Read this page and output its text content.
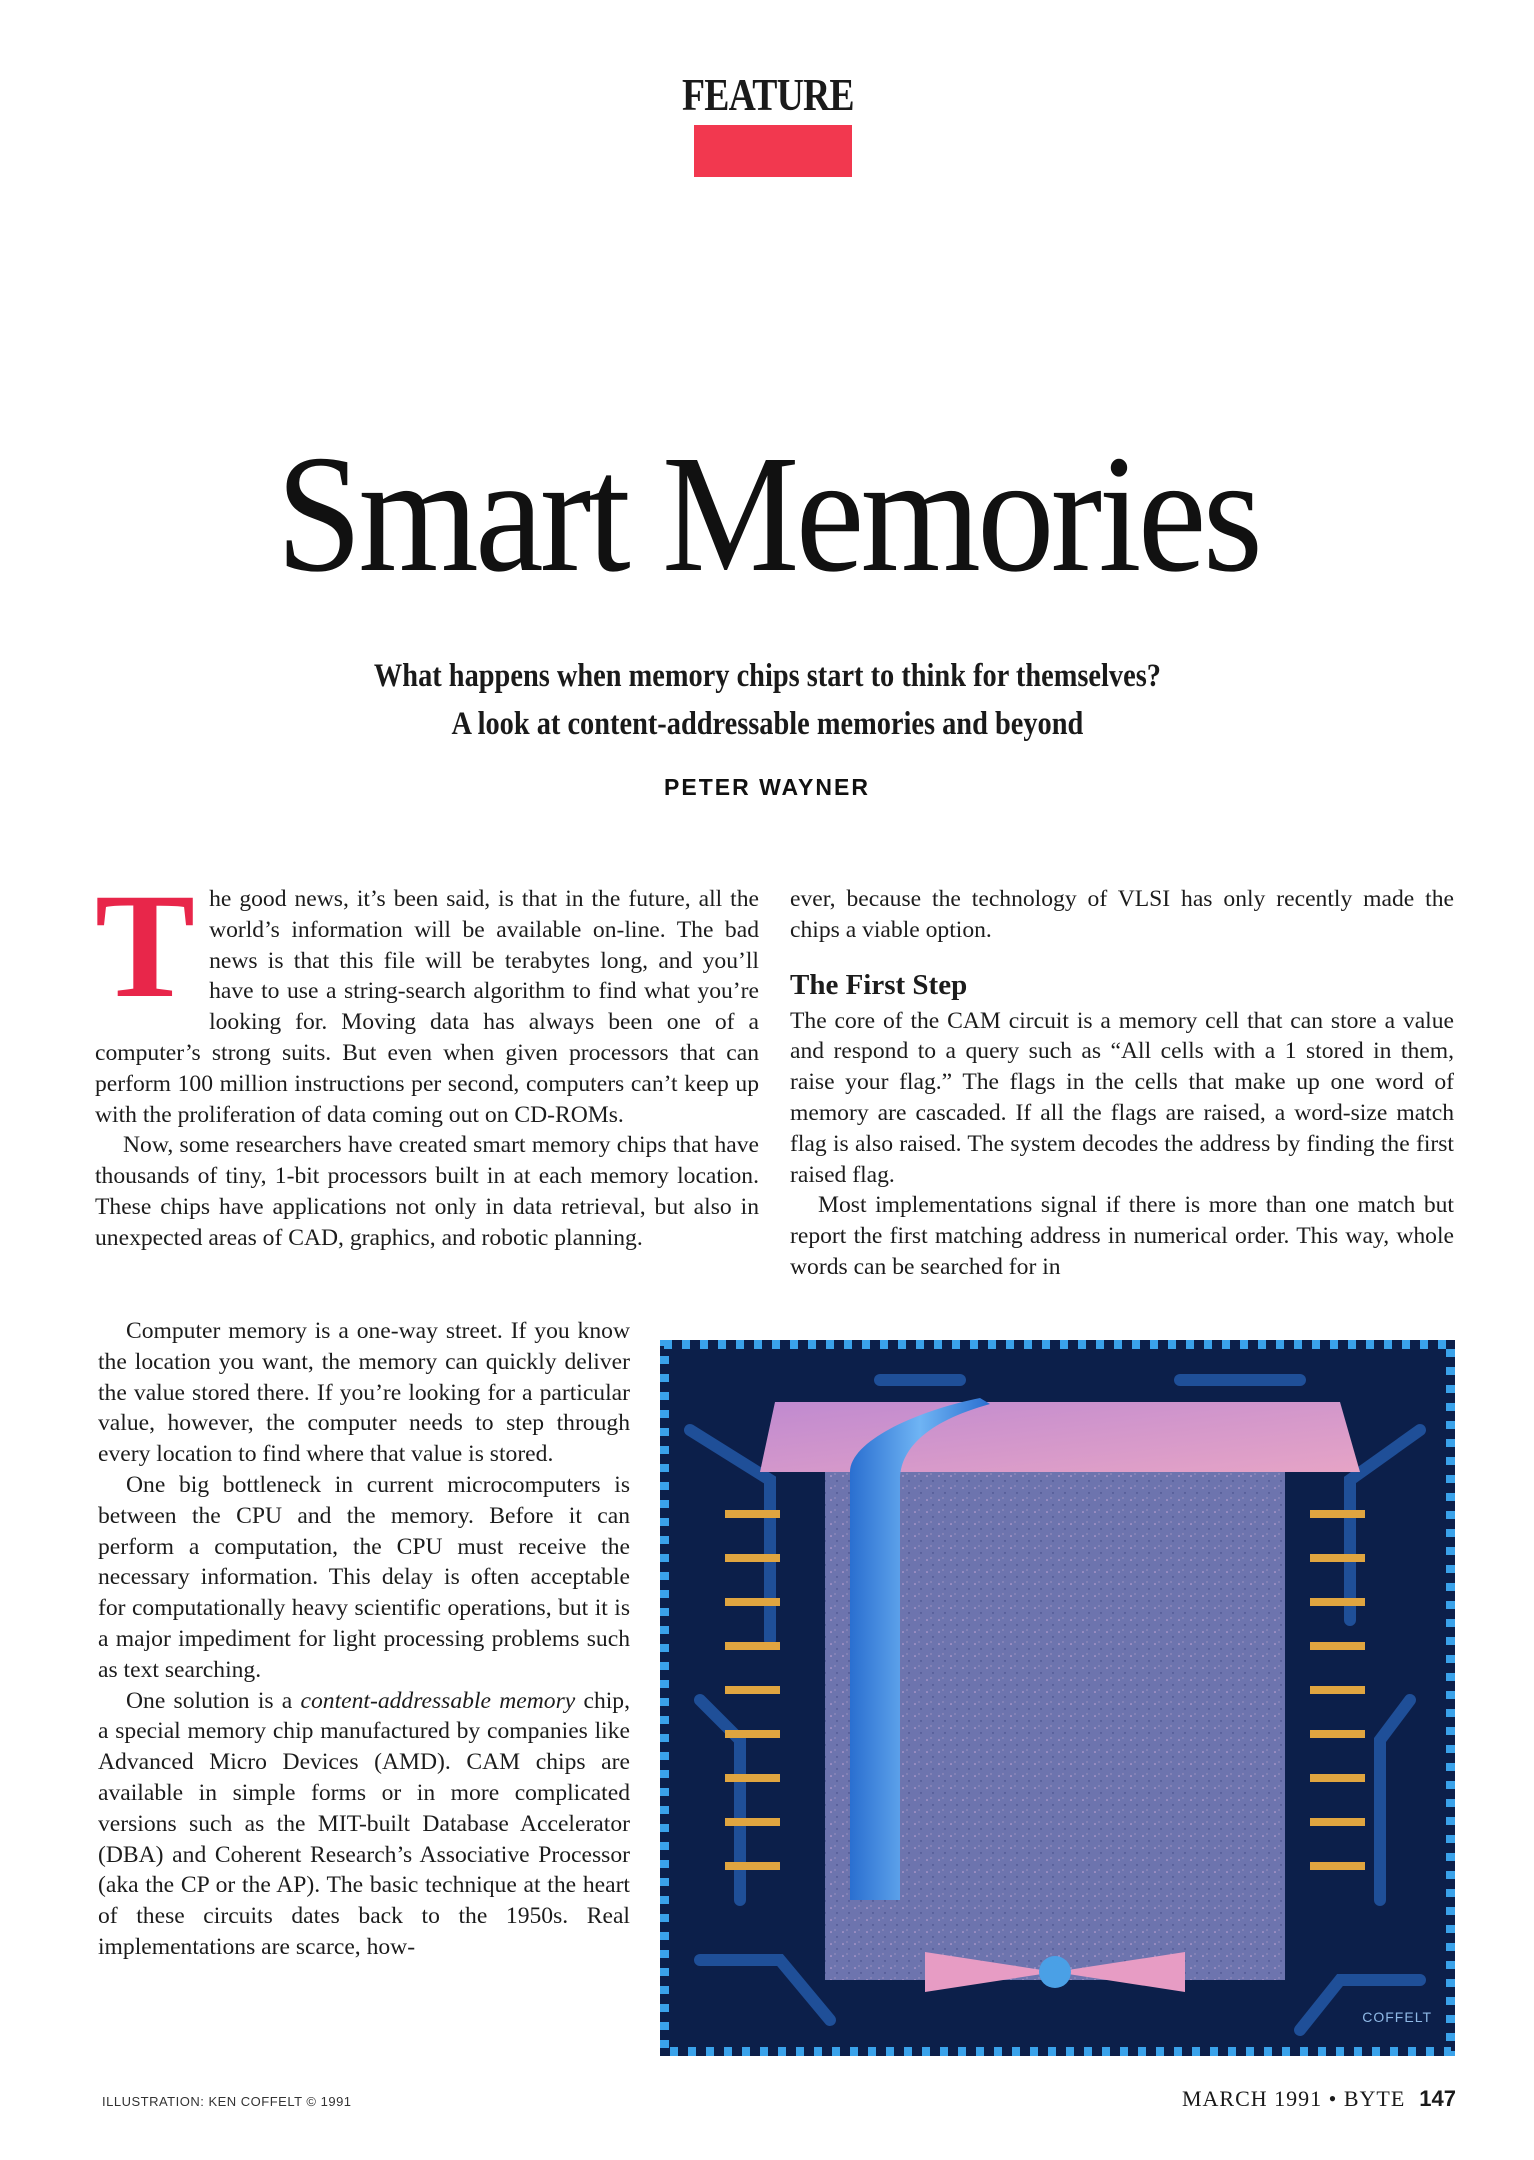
FEATURE
Smart Memories
What happens when memory chips start to think for themselves?
A look at content-addressable memories and beyond
PETER WAYNER

The good news, it’s been said, is that in the future, all the world’s information will be available on-line. The bad news is that this file will be terabytes long, and you’ll have to use a string-search algorithm to find what you’re looking for. Moving data has always been one of a computer’s strong suits. But even when given processors that can perform 100 million instructions per second, computers can’t keep up with the proliferation of data coming out on CD-ROMs.

Now, some researchers have created smart memory chips that have thousands of tiny, 1-bit processors built in at each memory location. These chips have applications not only in data retrieval, but also in unexpected areas of CAD, graphics, and robotic planning.

Computer memory is a one-way street. If you know the location you want, the memory can quickly deliver the value stored there. If you’re looking for a particular value, however, the computer needs to step through every location to find where that value is stored.

One big bottleneck in current microcomputers is between the CPU and the memory. Before it can perform a computation, the CPU must receive the necessary information. This delay is often acceptable for computationally heavy scientific operations, but it is a major impediment for light processing problems such as text searching.

One solution is a content-addressable memory chip, a special memory chip manufactured by companies like Advanced Micro Devices (AMD). CAM chips are available in simple forms or in more complicated versions such as the MIT-built Database Accelerator (DBA) and Coherent Research’s Associative Processor (aka the CP or the AP). The basic technique at the heart of these circuits dates back to the 1950s. Real implementations are scarce, how-

ever, because the technology of VLSI has only recently made the chips a viable option.

The First Step

The core of the CAM circuit is a memory cell that can store a value and respond to a query such as “All cells with a 1 stored in them, raise your flag.” The flags in the cells that make up one word of memory are cascaded. If all the flags are raised, a word-size match flag is also raised. The system decodes the address by finding the first raised flag.

Most implementations signal if there is more than one match but report the first matching address in numerical order. This way, whole words can be searched for in

COFFELT
ILLUSTRATION: KEN COFFELT © 1991	MARCH 1991 • BYTE 147
